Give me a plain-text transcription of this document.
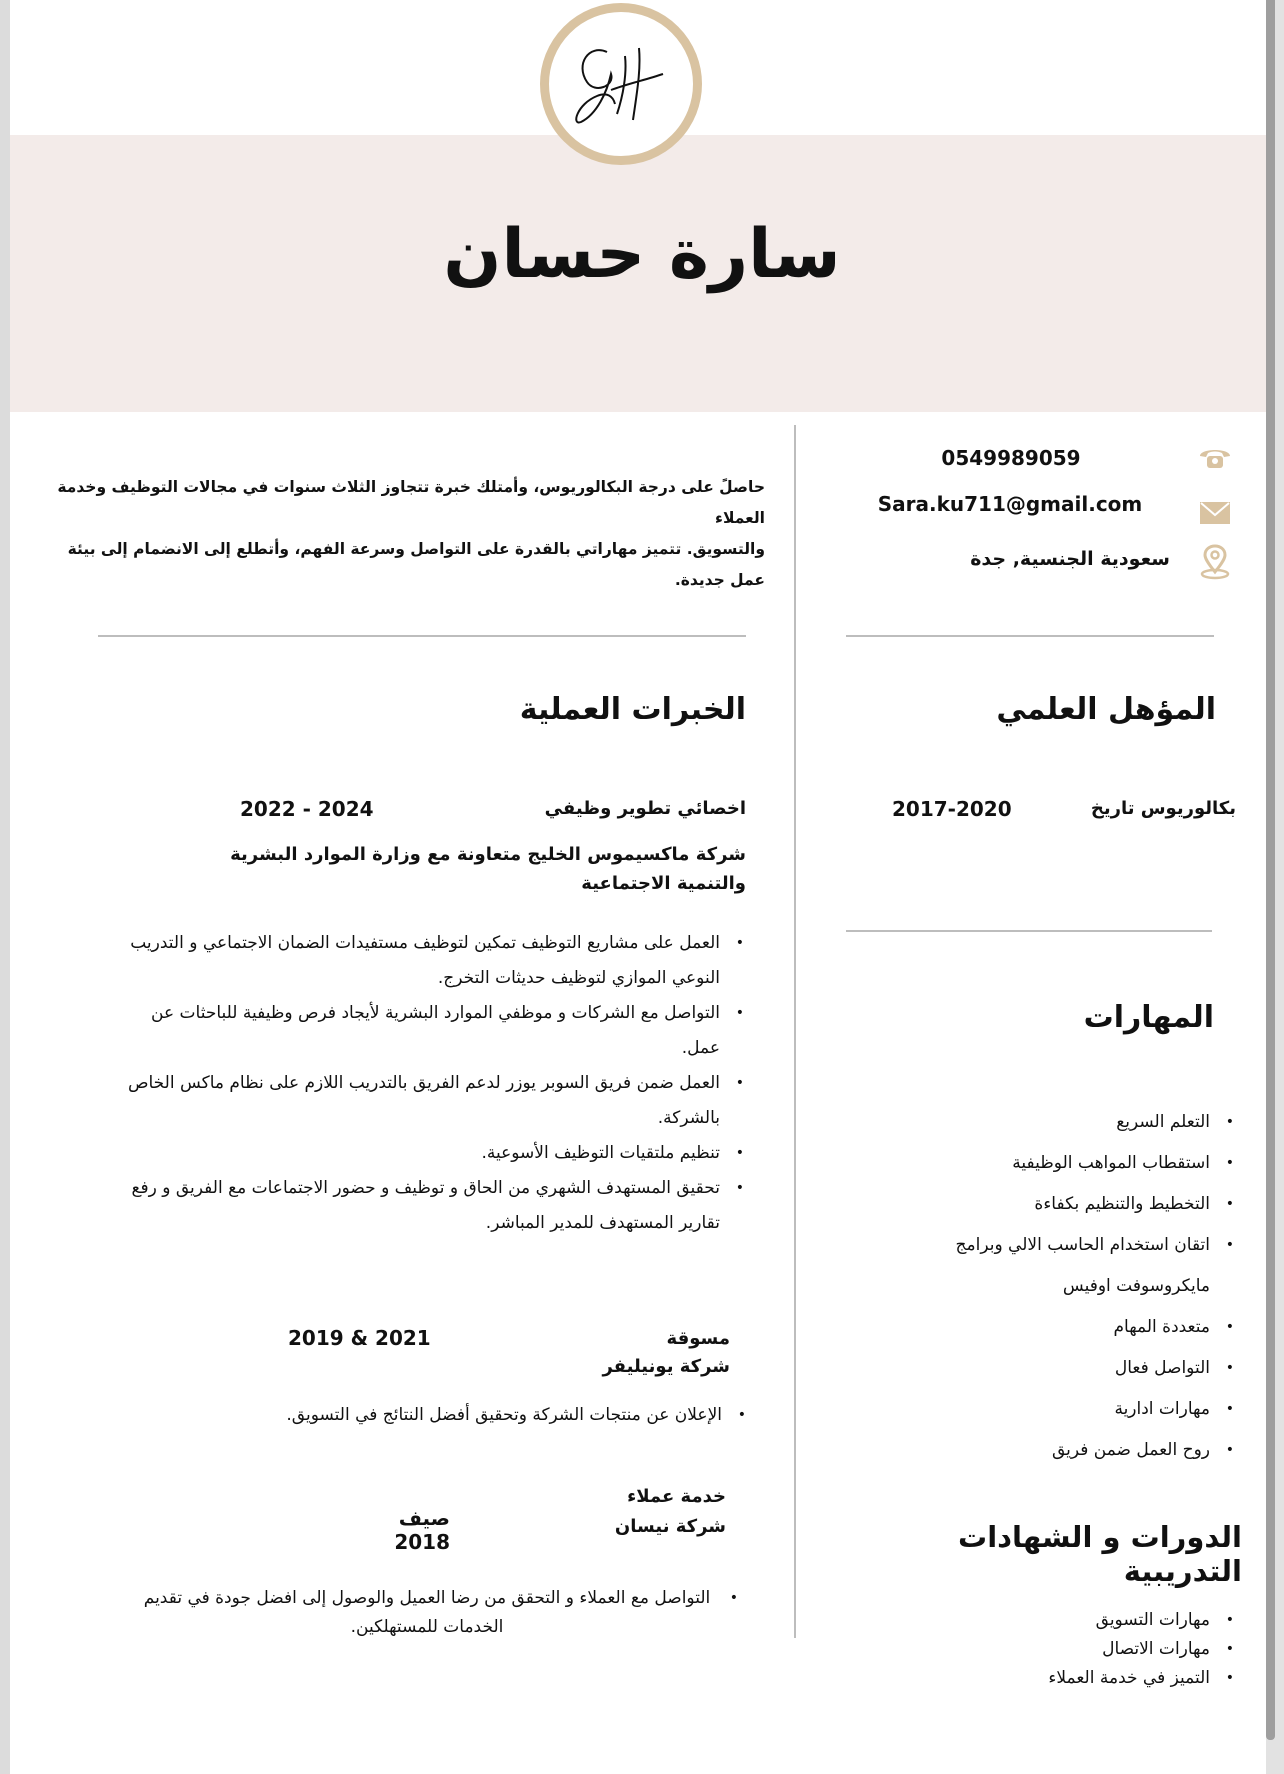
سارة حسان
0549989059
Sara.ku711@gmail.com
سعودية الجنسية, جدة
حاصلً على درجة البكالوريوس، وأمتلك خبرة تتجاوز الثلاث سنوات في مجالات التوظيف وخدمة العملاء
والتسويق. تتميز مهاراتي بالقدرة على التواصل وسرعة الفهم، وأتطلع إلى الانضمام إلى بيئة عمل جديدة.
المؤهل العلمي
بكالوريوس تاريخ
2017-2020
المهارات
• التعلم السريع
• استقطاب المواهب الوظيفية
• التخطيط والتنظيم بكفاءة
• اتقان استخدام الحاسب الالي وبرامج مايكروسوفت اوفيس
• متعددة المهام
• التواصل فعال
• مهارات ادارية
• روح العمل ضمن فريق
الدورات و الشهادات التدريبية
• مهارات التسويق
• مهارات الاتصال
• التميز في خدمة العملاء
الخبرات العملية
اخصائي تطوير وظيفي
2022 - 2024
شركة ماكسيموس الخليج متعاونة مع وزارة الموارد البشرية والتنمية الاجتماعية
• العمل على مشاريع التوظيف تمكين لتوظيف مستفيدات الضمان الاجتماعي و التدريب النوعي الموازي لتوظيف حديثات التخرج.
• التواصل مع الشركات و موظفي الموارد البشرية لأيجاد فرص وظيفية للباحثات عن عمل.
• العمل ضمن فريق السوبر يوزر لدعم الفريق بالتدريب اللازم على نظام ماكس الخاص بالشركة.
• تنظيم ملتقيات التوظيف الأسوعية.
• تحقيق المستهدف الشهري من الحاق و توظيف و حضور الاجتماعات مع الفريق و رفع تقارير المستهدف للمدير المباشر.
مسوقة
2019 & 2021
شركة يونيليفر
• الإعلان عن منتجات الشركة وتحقيق أفضل النتائج في التسويق.
خدمة عملاء
صيف 2018
شركة نيسان
• التواصل مع العملاء و التحقق من رضا العميل والوصول إلى افضل جودة في تقديم الخدمات للمستهلكين.
